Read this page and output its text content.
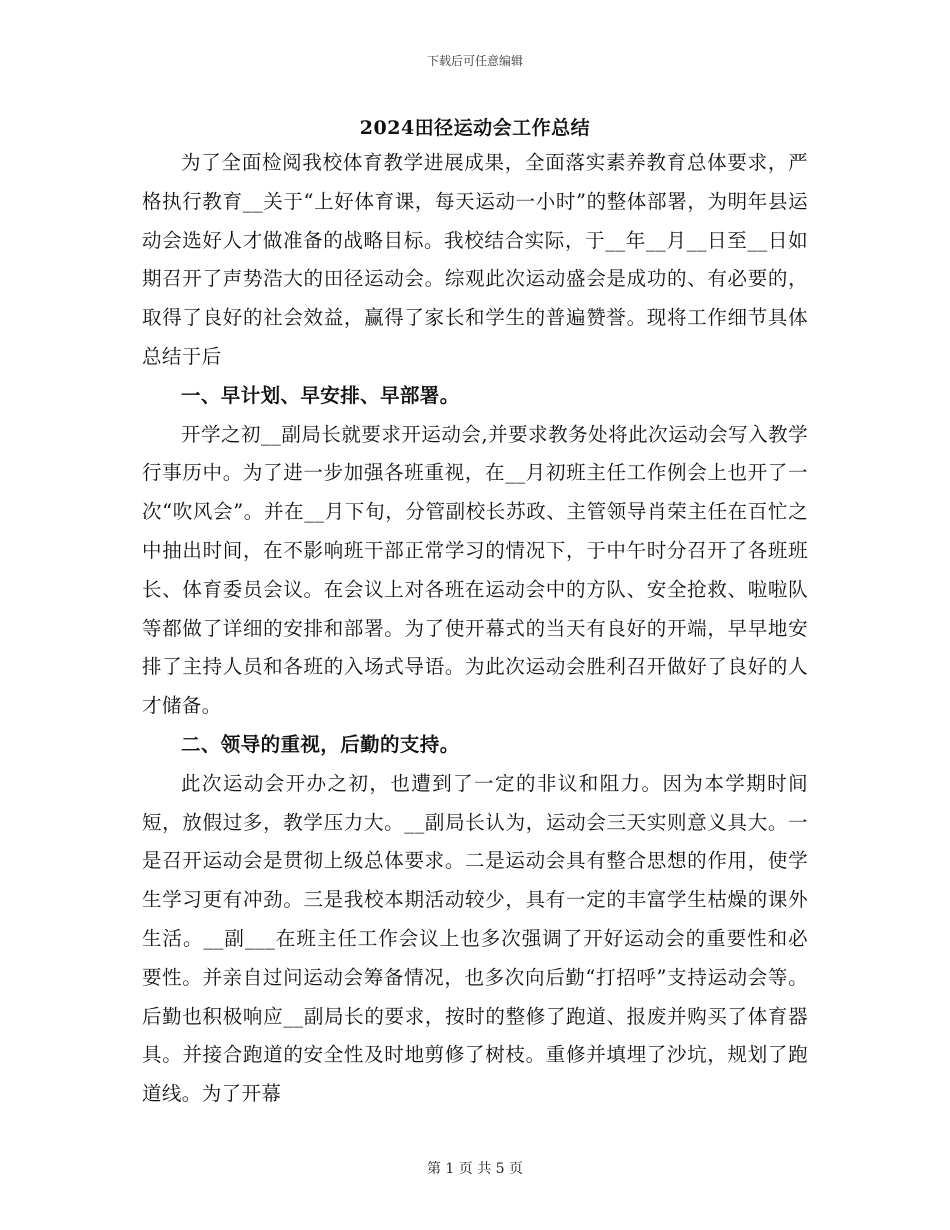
下载后可任意编辑
2024田径运动会工作总结

为了全面检阅我校体育教学进展成果，全面落实素养教育总体要求，严格执行教育__关于“上好体育课，每天运动一小时”的整体部署，为明年县运动会选好人才做准备的战略目标。我校结合实际，于__年__月__日至__日如期召开了声势浩大的田径运动会。综观此次运动盛会是成功的、有必要的，取得了良好的社会效益，赢得了家长和学生的普遍赞誉。现将工作细节具体总结于后

一、早计划、早安排、早部署。

开学之初__副局长就要求开运动会,并要求教务处将此次运动会写入教学行事历中。为了进一步加强各班重视，在__月初班主任工作例会上也开了一次“吹风会”。并在__月下旬，分管副校长苏政、主管领导肖荣主任在百忙之中抽出时间，在不影响班干部正常学习的情况下，于中午时分召开了各班班长、体育委员会议。在会议上对各班在运动会中的方队、安全抢救、啦啦队等都做了详细的安排和部署。为了使开幕式的当天有良好的开端，早早地安排了主持人员和各班的入场式导语。为此次运动会胜利召开做好了良好的人才储备。

二、领导的重视，后勤的支持。

此次运动会开办之初，也遭到了一定的非议和阻力。因为本学期时间短，放假过多，教学压力大。__副局长认为，运动会三天实则意义具大。一是召开运动会是贯彻上级总体要求。二是运动会具有整合思想的作用，使学生学习更有冲劲。三是我校本期活动较少，具有一定的丰富学生枯燥的课外生活。__副___在班主任工作会议上也多次强调了开好运动会的重要性和必要性。并亲自过问运动会筹备情况，也多次向后勤“打招呼”支持运动会等。后勤也积极响应__副局长的要求，按时的整修了跑道、报废并购买了体育器具。并接合跑道的安全性及时地剪修了树枝。重修并填埋了沙坑，规划了跑道线。为了开幕

第 1 页 共 5 页
